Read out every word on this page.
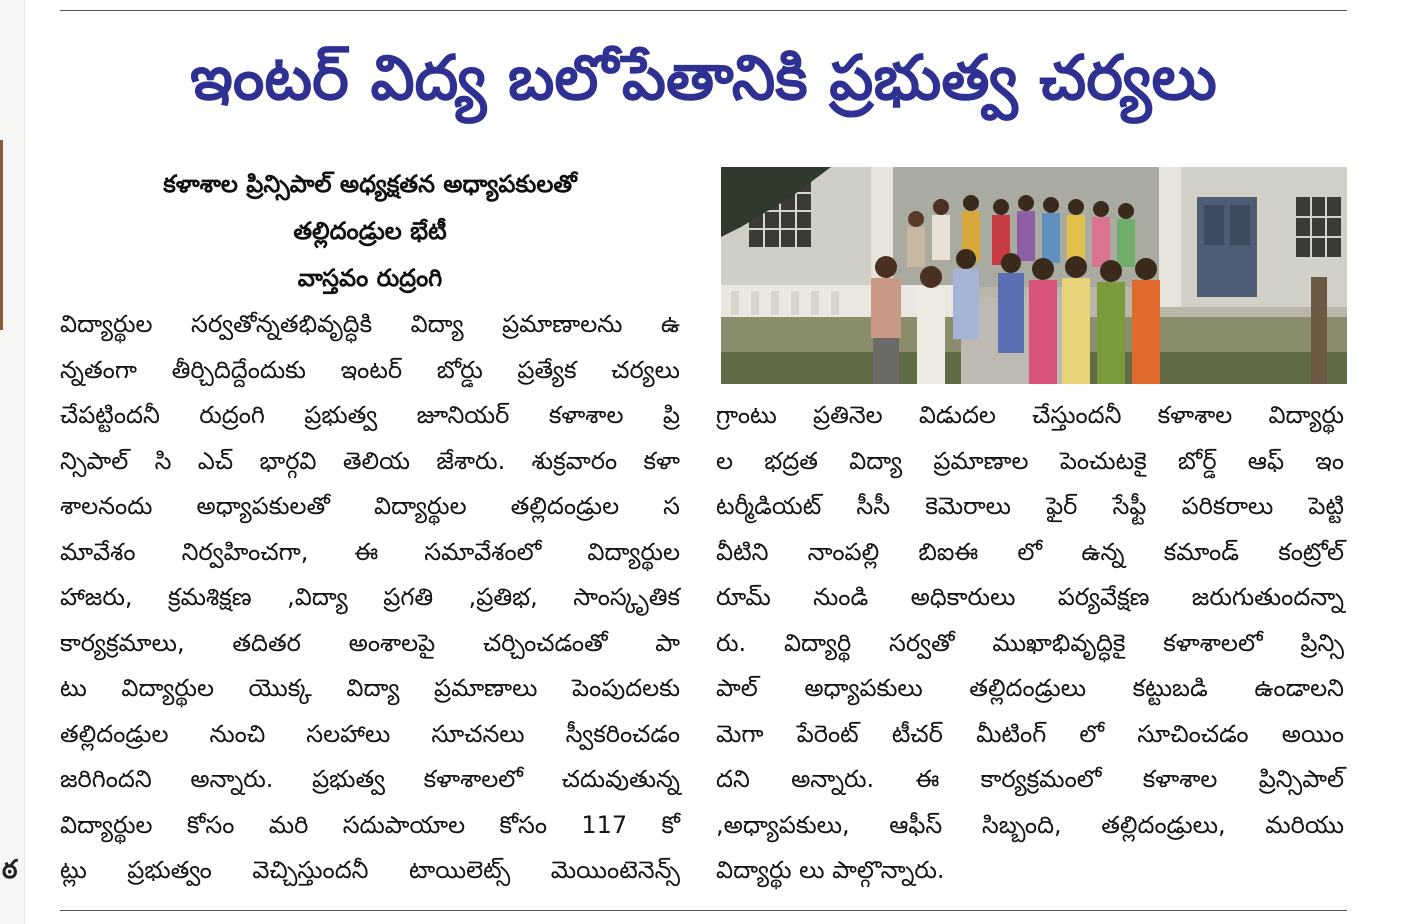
ఠ
ఇంటర్ విద్య బలోపేతానికి ప్రభుత్వ చర్యలు
కళాశాల ప్రిన్సిపాల్ అధ్యక్షతన అధ్యాపకులతో
తల్లిదండ్రుల భేటీ
వాస్తవం రుద్రంగి
విద్యార్థుల సర్వతోన్నతభివృద్ధికి విద్యా ప్రమాణాలను ఉ
న్నతంగా తీర్చిదిద్దేందుకు ఇంటర్ బోర్డు ప్రత్యేక చర్యలు
చేపట్టిందనీ రుద్రంగి ప్రభుత్వ జూనియర్ కళాశాల ప్రి
న్సిపాల్ సి ఎచ్ భార్గవి తెలియ జేశారు. శుక్రవారం కళా
శాలనందు అధ్యాపకులతో విద్యార్థుల తల్లిదండ్రుల స
మావేశం నిర్వహించగా, ఈ సమావేశంలో విద్యార్థుల
హాజరు, క్రమశిక్షణ ,విద్యా ప్రగతి ,ప్రతిభ, సాంస్కృతిక
కార్యక్రమాలు, తదితర అంశాలపై చర్చించడంతో పా
టు విద్యార్థుల యొక్క విద్యా ప్రమాణాలు పెంపుదలకు
తల్లిదండ్రుల నుంచి సలహాలు సూచనలు స్వీకరించడం
జరిగిందని అన్నారు. ప్రభుత్వ కళాశాలలో చదువుతున్న
విద్యార్థుల కోసం మరి సదుపాయాల కోసం 117 కో
ట్లు ప్రభుత్వం వెచ్చిస్తుందనీ టాయిలెట్స్ మెయింటెనెన్స్
గ్రాంటు ప్రతినెల విడుదల చేస్తుందనీ కళాశాల విద్యార్థు
ల భద్రత విద్యా ప్రమాణాల పెంచుటకై బోర్డ్ ఆఫ్ ఇం
టర్మీడియట్ సీసీ కెమెరాలు ఫైర్ సేఫ్టీ పరికరాలు పెట్టి
వీటిని నాంపల్లి బిఐఈ లో ఉన్న కమాండ్ కంట్రోల్
రూమ్ నుండి అధికారులు పర్యవేక్షణ జరుగుతుందన్నా
రు. విద్యార్థి సర్వతో ముఖాభివృద్ధికై కళాశాలలో ప్రిన్సి
పాల్ అధ్యాపకులు తల్లిదండ్రులు కట్టుబడి ఉండాలని
మెగా పేరెంట్ టీచర్ మీటింగ్ లో సూచించడం అయిం
దని అన్నారు. ఈ కార్యక్రమంలో కళాశాల ప్రిన్సిపాల్
,అధ్యాపకులు, ఆఫీస్ సిబ్బంది, తల్లిదండ్రులు, మరియు
విద్యార్థు లు పాల్గొన్నారు.
